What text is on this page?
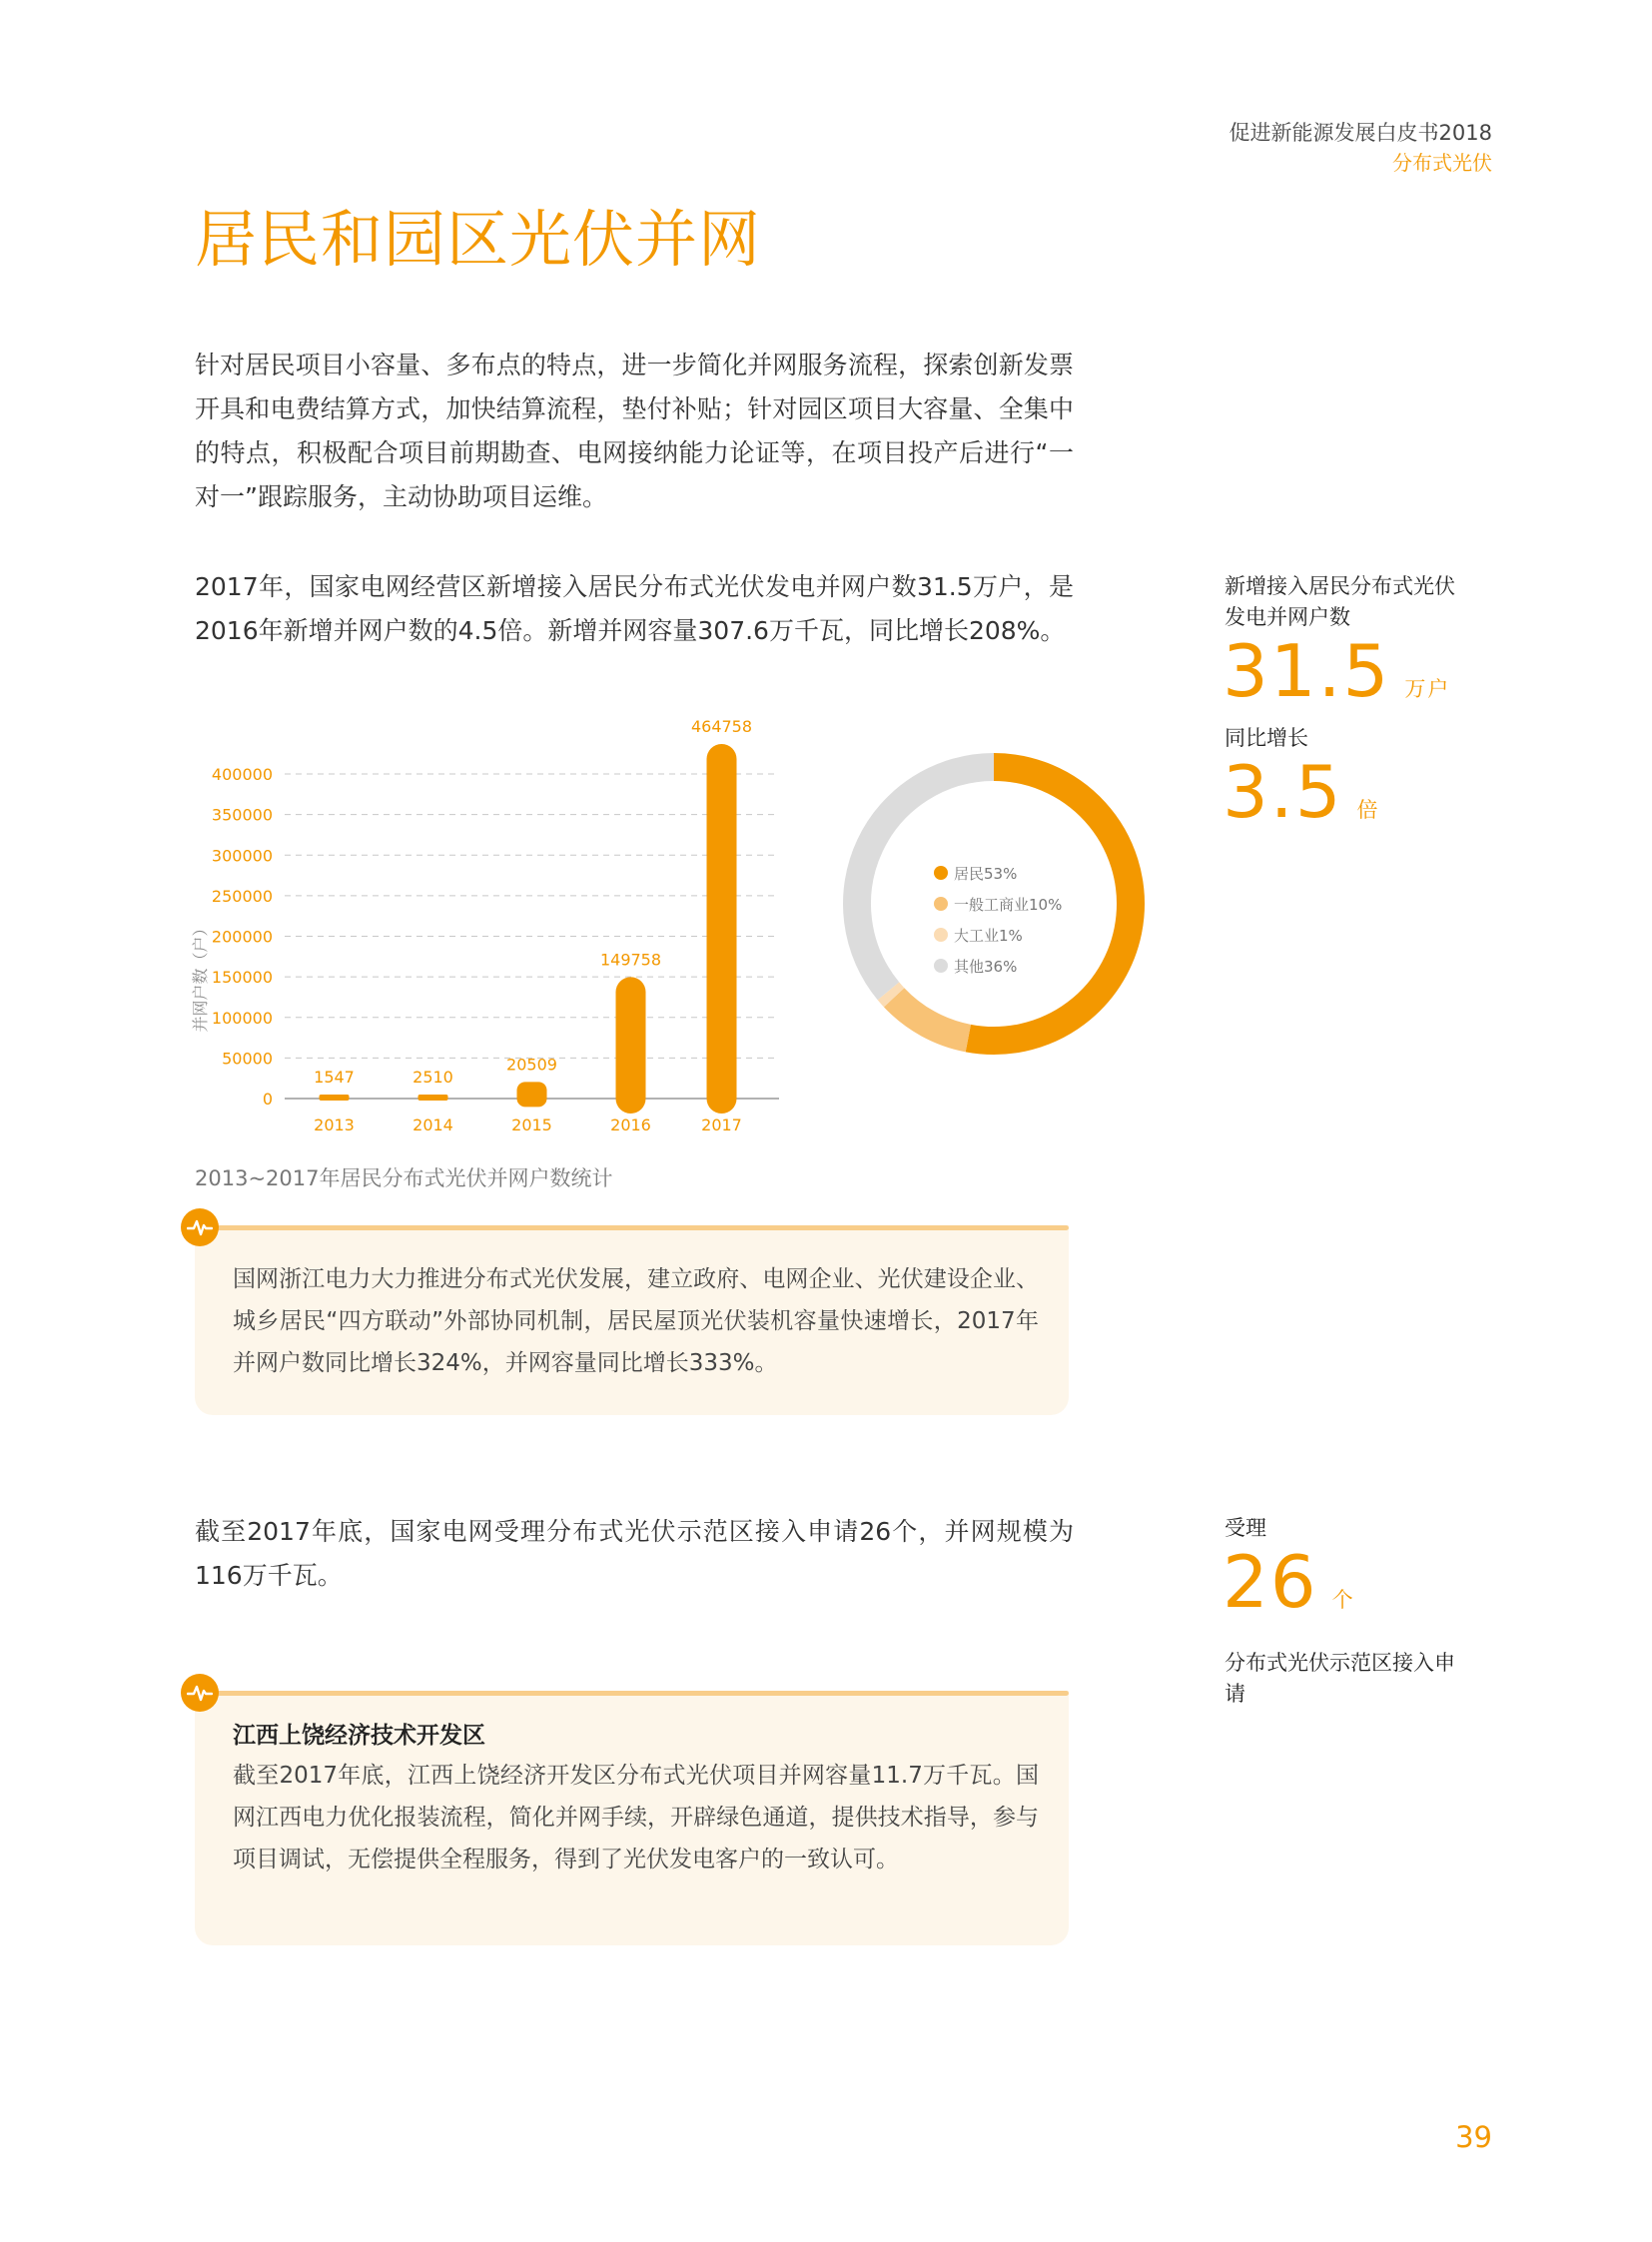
促进新能源发展白皮书2018
分布式光伏
居民和园区光伏并网
针对居民项目小容量、多布点的特点，进一步简化并网服务流程，探索创新发票开具和电费结算方式，加快结算流程，垫付补贴；针对园区项目大容量、全集中的特点，积极配合项目前期勘查、电网接纳能力论证等，在项目投产后进行“一对一”跟踪服务，主动协助项目运维。
2017年，国家电网经营区新增接入居民分布式光伏发电并网户数31.5万户，是2016年新增并网户数的4.5倍。新增并网容量307.6万千瓦，同比增长208%。
新增接入居民分布式光伏发电并网户数
31.5 万户
同比增长
3.5 倍
0
50000
100000
150000
200000
250000
300000
350000
400000
并网户数（户）
1547
2013
2510
2014
20509
2015
149758
2016
464758
2017
居民53%
一般工商业10%
大工业1%
其他36%
2013~2017年居民分布式光伏并网户数统计
国网浙江电力大力推进分布式光伏发展，建立政府、电网企业、光伏建设企业、城乡居民“四方联动”外部协同机制，居民屋顶光伏装机容量快速增长，2017年并网户数同比增长324%，并网容量同比增长333%。
截至2017年底，国家电网受理分布式光伏示范区接入申请26个，并网规模为116万千瓦。
受理
26 个
分布式光伏示范区接入申请
江西上饶经济技术开发区
截至2017年底，江西上饶经济开发区分布式光伏项目并网容量11.7万千瓦。国网江西电力优化报装流程，简化并网手续，开辟绿色通道，提供技术指导，参与项目调试，无偿提供全程服务，得到了光伏发电客户的一致认可。
39
